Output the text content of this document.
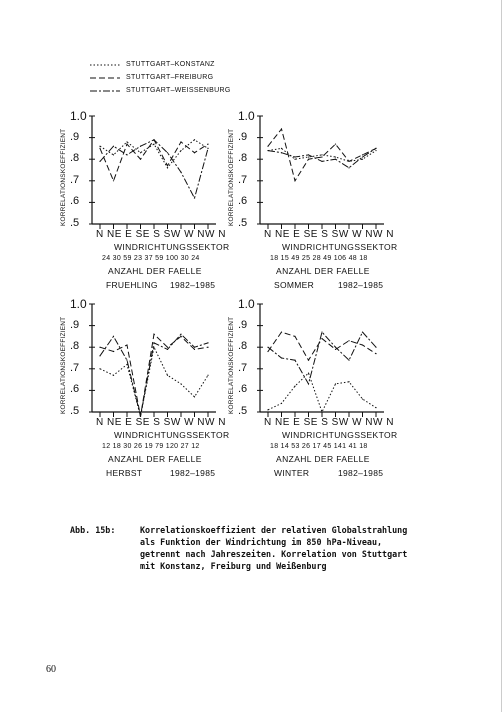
STUTTGART–KONSTANZ
STUTTGART–FREIBURG
STUTTGART–WEISSENBURG
1.0
.9
.8
.7
.6
.5
KORRELATIONSKOEFFIZIENT
N NE E SE S SW W NW N
WINDRICHTUNGSSEKTOR
24 30 59 23 37 59 100 30 24
ANZAHL DER FAELLE
FRUEHLING 1982–1985
1.0
.9
.8
.7
.6
.5
KORRELATIONSKOEFFIZIENT
N NE E SE S SW W NW N
WINDRICHTUNGSSEKTOR
18 15 49 25 28 49 106 48 18
ANZAHL DER FAELLE
SOMMER	1982–1985
1.0
.9
.8
.7
.6
.5
KORRELATIONSKOEFFIZIENT
N NE E SE S SW W NW N
WINDRICHTUNGSSEKTOR
12 18 30 26 19 79 120 27 12
ANZAHL DER FAELLE
HERBST	1982–1985
1.0
.9
.8
.7
.6
.5
KORRELATIONSKOEFFIZIENT
N NE E SE S SW W NW N
WINDRICHTUNGSSEKTOR
18 14 53 26 17 45 141 41 18
ANZAHL DER FAELLE
WINTER	1982–1985
Abb. 15b:	Korrelationskoeffizient der relativen Globalstrahlung
als Funktion der Windrichtung im 850 hPa-Niveau,
getrennt nach Jahreszeiten. Korrelation von Stuttgart
mit Konstanz, Freiburg und Weißenburg
60
